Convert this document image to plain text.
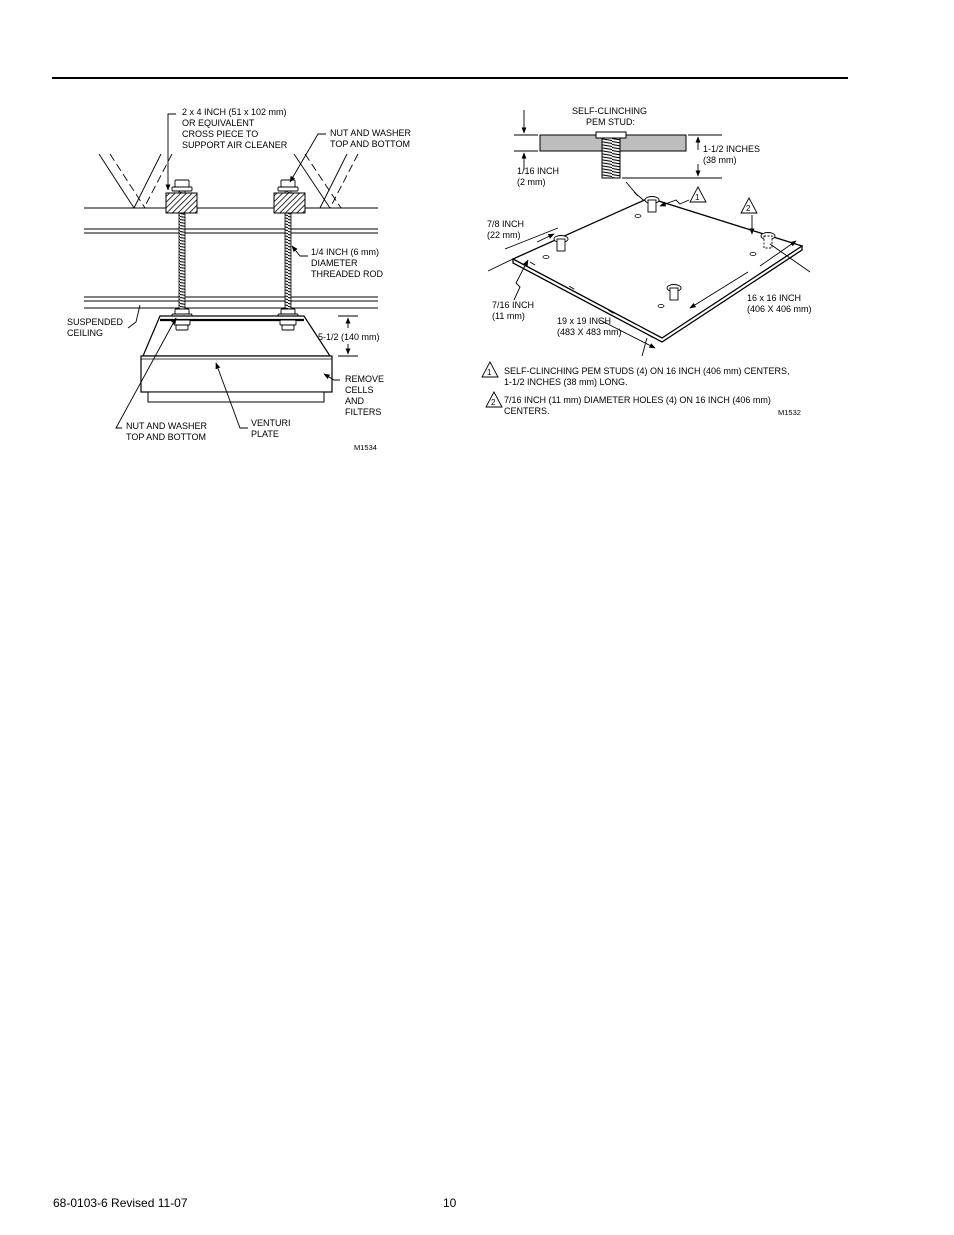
2 x 4 INCH (51 x 102 mm)
OR EQUIVALENT
CROSS PIECE TO
SUPPORT AIR CLEANER
NUT AND WASHER
TOP AND BOTTOM
1/4 INCH (6 mm)
DIAMETER
THREADED ROD
SUSPENDED
CEILING	5-1/2 (140 mm)
REMOVE
CELLS
AND
FILTERS
NUT AND WASHER
TOP AND BOTTOM
VENTURI
PLATE
M1534
1
2
SELF-CLINCHING
PEM STUD:
1-1/2 INCHES
(38 mm)
1/16 INCH
(2 mm)
7/8 INCH
(22 mm)
7/16 INCH
(11 mm)	19 x 19 INCH
(483 X 483 mm)
16 x 16 INCH
(406 X 406 mm)
1 SELF-CLINCHING PEM STUDS (4) ON 16 INCH (406 mm) CENTERS,
1-1/2 INCHES (38 mm) LONG.
2 7/16 INCH (11 mm) DIAMETER HOLES (4) ON 16 INCH (406 mm)
CENTERS.	M1532
68-0103-6 Revised 11-07	10
